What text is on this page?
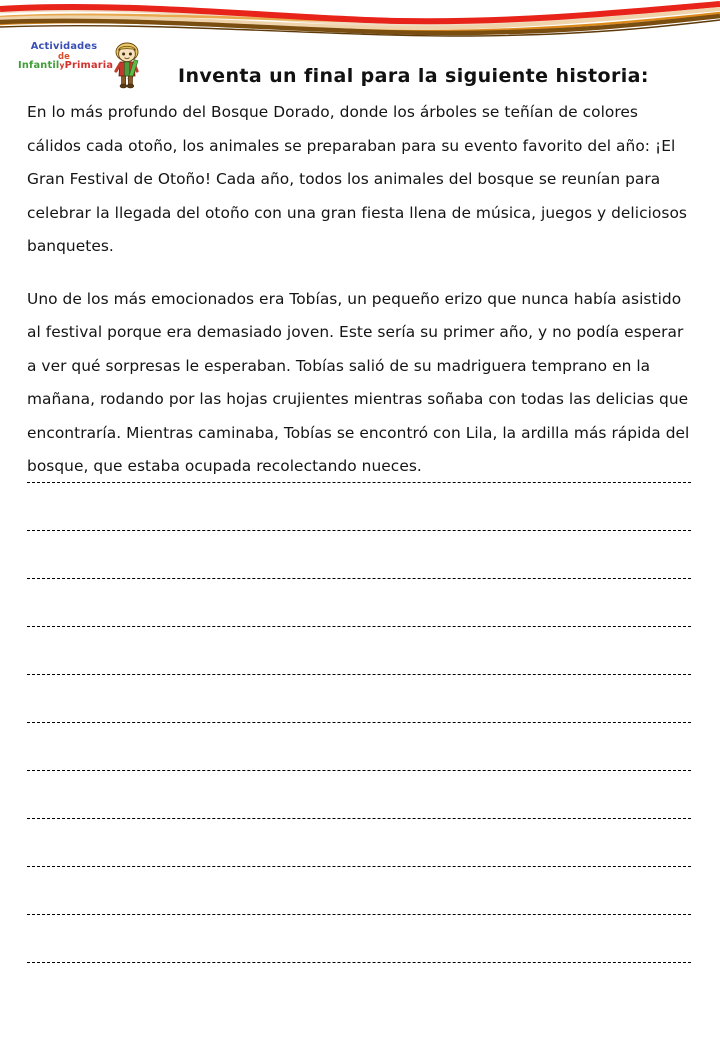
Actividades
de
InfantilyPrimaria	Inventa un final para la siguiente historia:

En lo más profundo del Bosque Dorado, donde los árboles se teñían de colores cálidos cada otoño, los animales se preparaban para su evento favorito del año: ¡El Gran Festival de Otoño! Cada año, todos los animales del bosque se reunían para celebrar la llegada del otoño con una gran fiesta llena de música, juegos y deliciosos banquetes.

Uno de los más emocionados era Tobías, un pequeño erizo que nunca había asistido al festival porque era demasiado joven. Este sería su primer año, y no podía esperar a ver qué sorpresas le esperaban. Tobías salió de su madriguera temprano en la mañana, rodando por las hojas crujientes mientras soñaba con todas las delicias que encontraría. Mientras caminaba, Tobías se encontró con Lila, la ardilla más rápida del bosque, que estaba ocupada recolectando nueces.
